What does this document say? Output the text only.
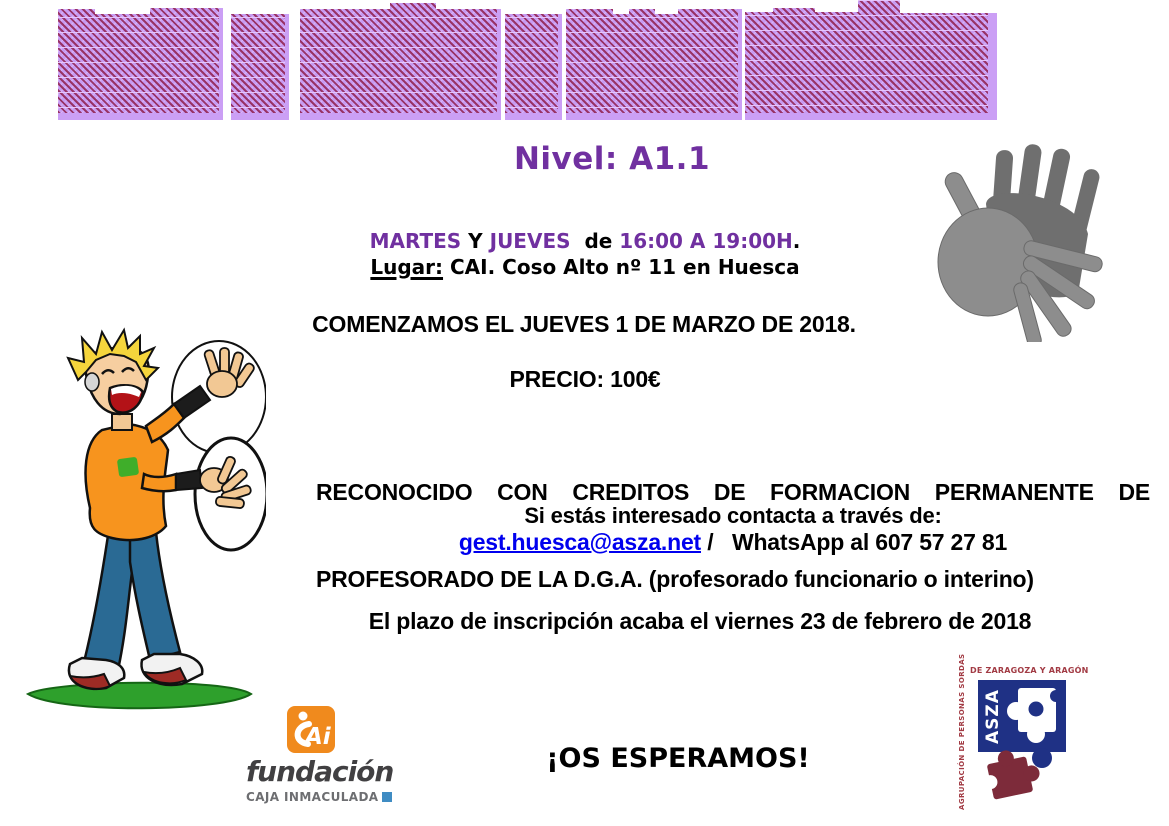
Nivel: A1.1
MARTES Y JUEVES  de 16:00 A 19:00H.
Lugar: CAI. Coso Alto nº 11 en Huesca
COMENZAMOS EL JUEVES 1 DE MARZO DE 2018.
PRECIO: 100€

RECONOCIDO CON CREDITOS DE FORMACION PERMANENTE DE

PROFESORADO DE LA D.G.A. (profesorado funcionario o interino)

Si estás interesado contacta a través de:
gest.huesca@asza.net /   WhatsApp al 607 57 27 81
El plazo de inscripción acaba el viernes 23 de febrero de 2018
¡OS ESPERAMOS!
Ai
fundación
CAJA INMACULADA
DE ZARAGOZA Y ARAGÓN
AGRUPACIÓN DE PERSONAS SORDAS ASZA
